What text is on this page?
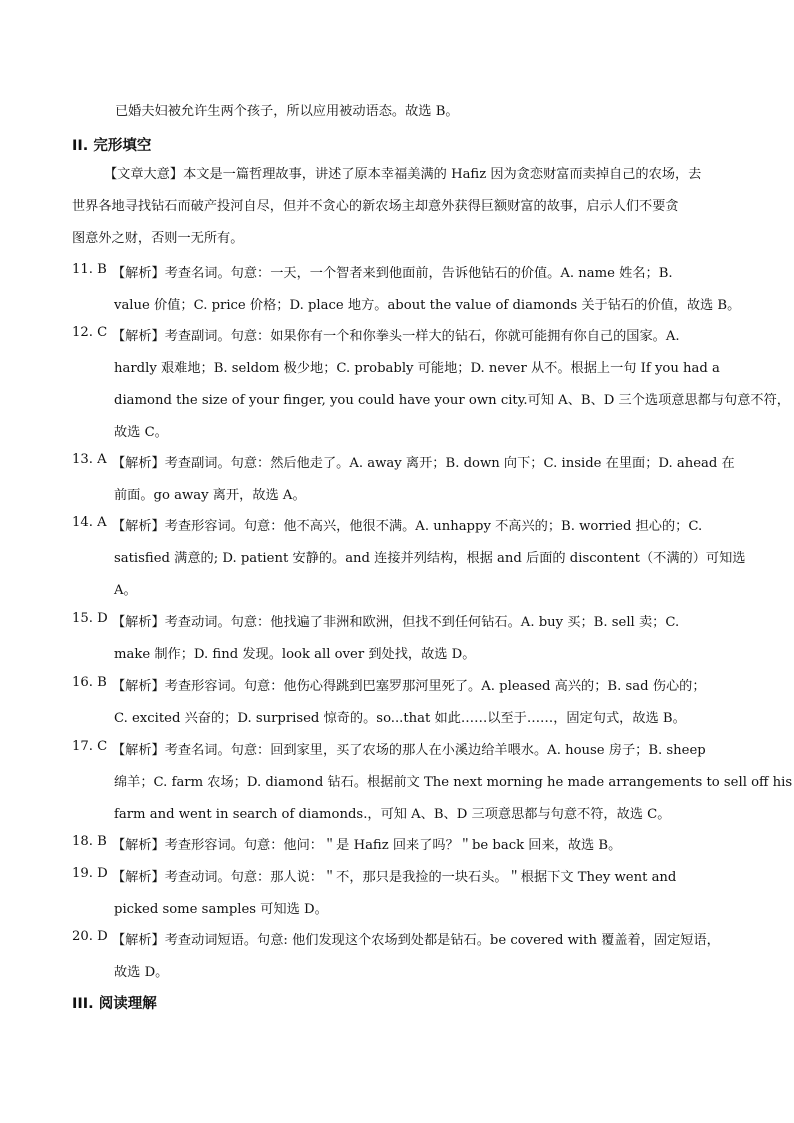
已婚夫妇被允许生两个孩子，所以应用被动语态。故选 B。
II. 完形填空
【文章大意】本文是一篇哲理故事，讲述了原本幸福美满的 Hafiz 因为贪恋财富而卖掉自己的农场，去
世界各地寻找钻石而破产投河自尽，但并不贪心的新农场主却意外获得巨额财富的故事，启示人们不要贪
图意外之财，否则一无所有。
11. B 【解析】考查名词。句意：一天，一个智者来到他面前，告诉他钻石的价值。A. name 姓名；B.
value 价值；C. price 价格；D. place 地方。about the value of diamonds 关于钻石的价值，故选 B。
12. C 【解析】考查副词。句意：如果你有一个和你拳头一样大的钻石，你就可能拥有你自己的国家。A.
hardly 艰难地；B. seldom 极少地；C. probably 可能地；D. never 从不。根据上一句 If you had a
diamond the size of your finger, you could have your own city.可知 A、B、D 三个选项意思都与句意不符，
故选 C。
13. A 【解析】考查副词。句意：然后他走了。A. away 离开；B. down 向下；C. inside 在里面；D. ahead 在
前面。go away 离开，故选 A。
14. A 【解析】考查形容词。句意：他不高兴，他很不满。A. unhappy 不高兴的；B. worried 担心的；C.
satisfied 满意的; D. patient 安静的。and 连接并列结构，根据 and 后面的 discontent（不满的）可知选
A。
15. D 【解析】考查动词。句意：他找遍了非洲和欧洲，但找不到任何钻石。A. buy 买；B. sell 卖；C.
make 制作；D. find 发现。look all over 到处找，故选 D。
16. B 【解析】考查形容词。句意：他伤心得跳到巴塞罗那河里死了。A. pleased 高兴的；B. sad 伤心的；
C. excited 兴奋的；D. surprised 惊奇的。so...that 如此……以至于……，固定句式，故选 B。
17. C 【解析】考查名词。句意：回到家里，买了农场的那人在小溪边给羊喂水。A. house 房子；B. sheep
绵羊；C. farm 农场；D. diamond 钻石。根据前文 The next morning he made arrangements to sell off his
farm and went in search of diamonds.，可知 A、B、D 三项意思都与句意不符，故选 C。
18. B 【解析】考查形容词。句意：他问：＂是 Hafiz 回来了吗？＂be back 回来，故选 B。
19. D 【解析】考查动词。句意：那人说：＂不，那只是我捡的一块石头。＂根据下文 They went and
picked some samples 可知选 D。
20. D 【解析】考查动词短语。句意: 他们发现这个农场到处都是钻石。be covered with 覆盖着，固定短语，
故选 D。
III. 阅读理解
